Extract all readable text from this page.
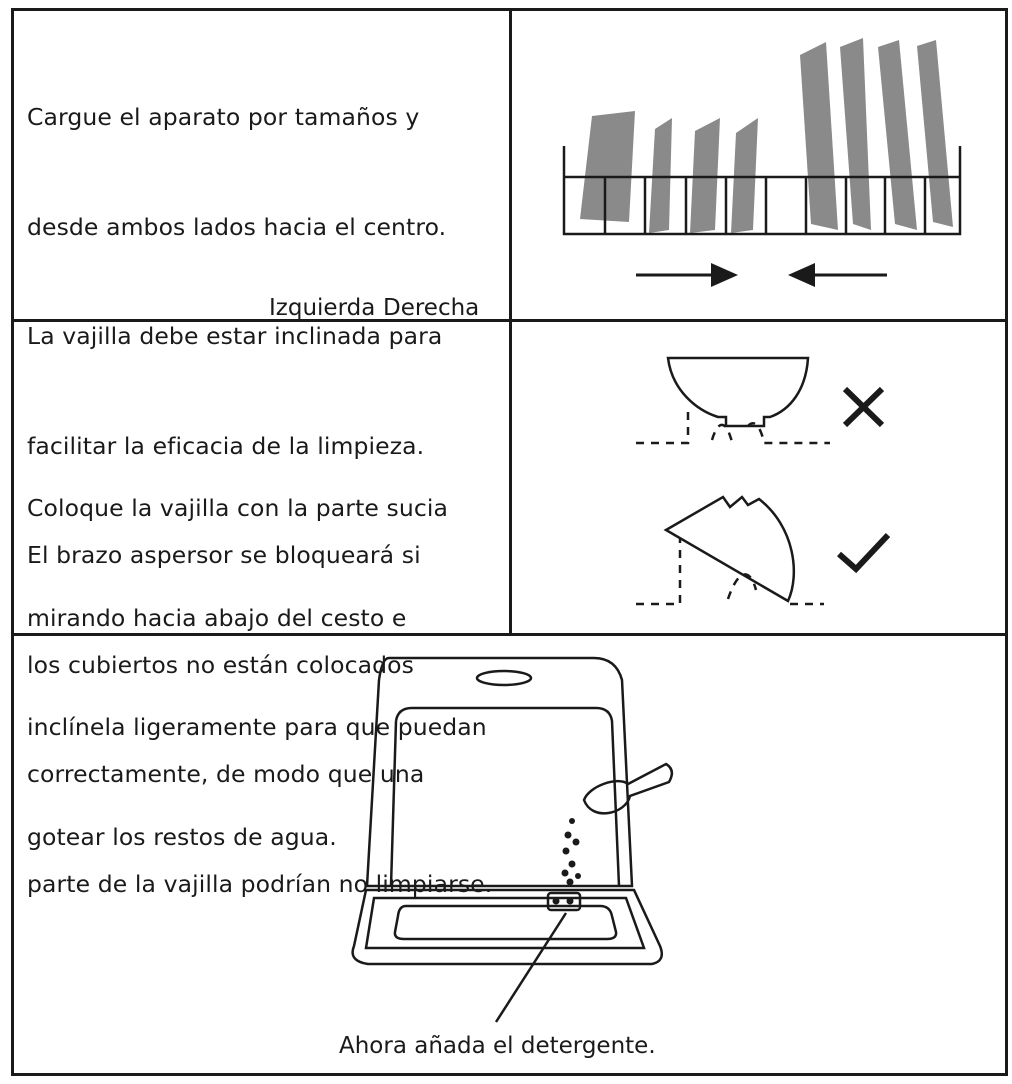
Cargue el aparato por tamaños y

desde ambos lados hacia el centro.

La vajilla debe estar inclinada para

facilitar la eficacia de la limpieza.

El brazo aspersor se bloqueará si

los cubiertos no están colocados

correctamente, de modo que una

parte de la vajilla podrían no limpiarse.

Izquierda Derecha

Coloque la vajilla con la parte sucia

mirando hacia abajo del cesto e

inclínela ligeramente para que puedan

gotear los restos de agua.

Ahora añada el detergente.
